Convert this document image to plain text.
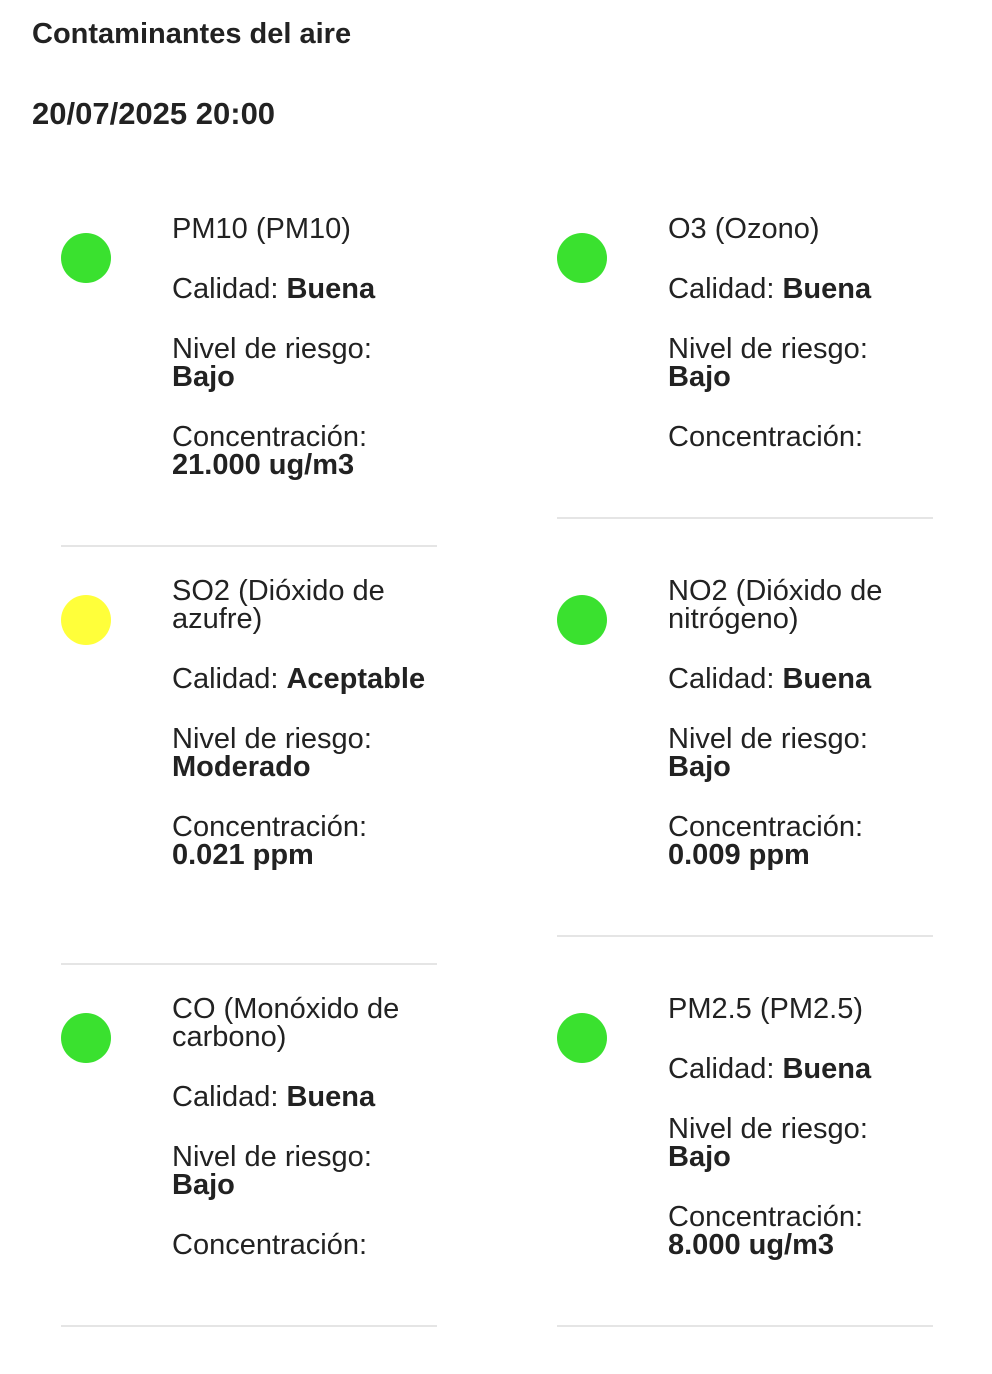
Contaminantes del aire
20/07/2025 20:00

PM10 (PM10)

Calidad: Buena

Nivel de riesgo: Bajo

Concentración: 21.000 ug/m3

O3 (Ozono)

Calidad: Buena

Nivel de riesgo: Bajo

Concentración:

SO2 (Dióxido de azufre)

Calidad: Aceptable

Nivel de riesgo: Moderado

Concentración: 0.021 ppm

NO2 (Dióxido de nitrógeno)

Calidad: Buena

Nivel de riesgo: Bajo

Concentración: 0.009 ppm

CO (Monóxido de carbono)

Calidad: Buena

Nivel de riesgo: Bajo

Concentración:

PM2.5 (PM2.5)

Calidad: Buena

Nivel de riesgo: Bajo

Concentración: 8.000 ug/m3
